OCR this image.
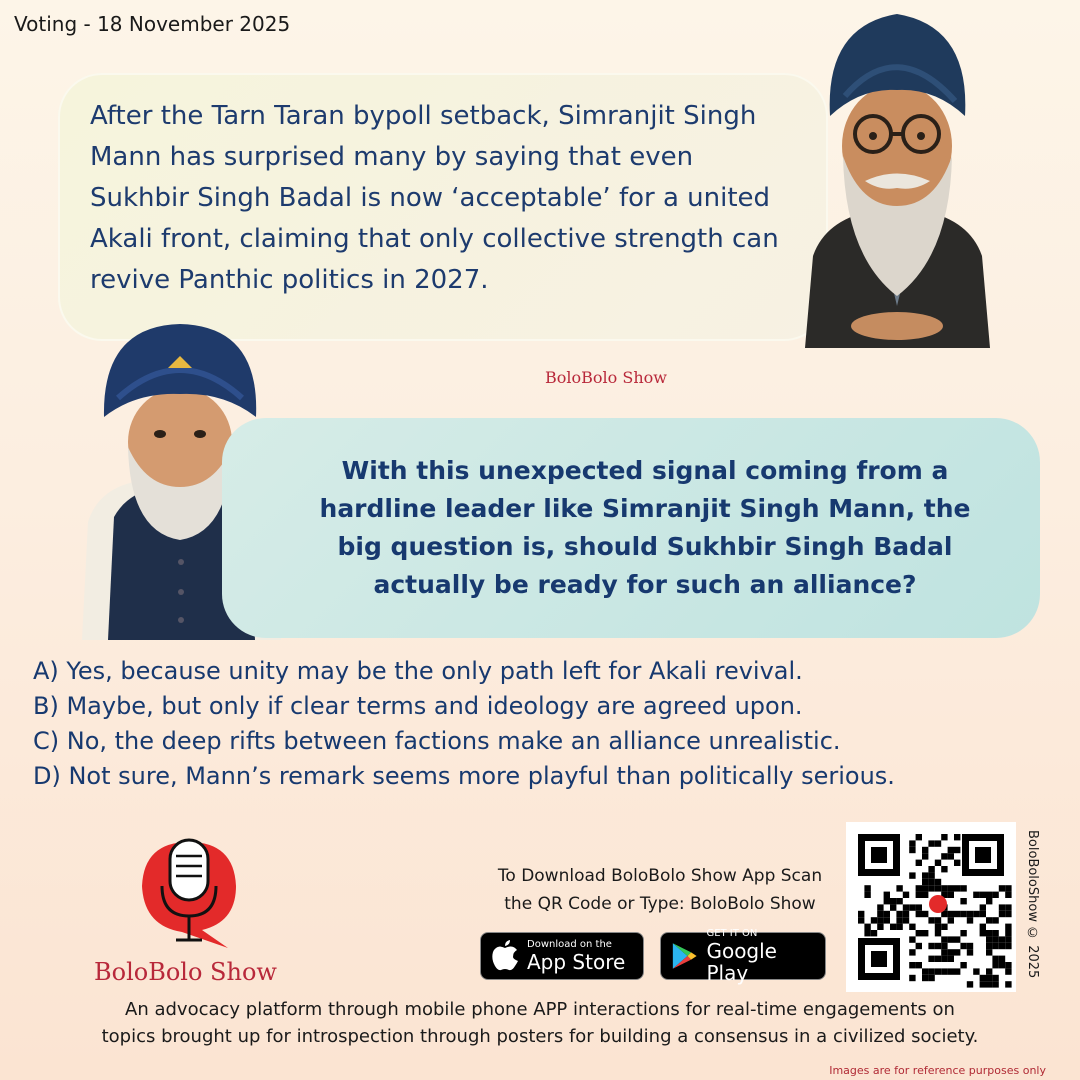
Voting - 18 November 2025
After the Tarn Taran bypoll setback, Simranjit Singh Mann has surprised many by saying that even Sukhbir Singh Badal is now ‘acceptable’ for a united Akali front, claiming that only collective strength can revive Panthic politics in 2027.
BoloBolo Show
With this unexpected signal coming from a hardline leader like Simranjit Singh Mann, the big question is, should Sukhbir Singh Badal actually be ready for such an alliance?
A) Yes, because unity may be the only path left for Akali revival.
B) Maybe, but only if clear terms and ideology are agreed upon.
C) No, the deep rifts between factions make an alliance unrealistic.
D) Not sure, Mann’s remark seems more playful than politically serious.
BoloBolo Show
To Download BoloBolo Show App Scan
the QR Code or Type: BoloBolo Show
Download on the
App Store
GET IT ON
Google Play	BoloBoloShow © 2025
An advocacy platform through mobile phone APP interactions for real-time engagements on
topics brought up for introspection through posters for building a consensus in a civilized society.
Images are for reference purposes only
